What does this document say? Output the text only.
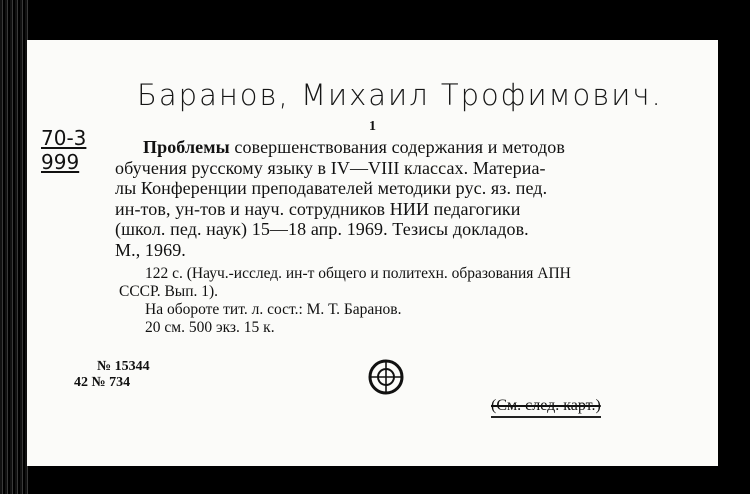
Баранов, Михаил Трофимович.
70-3
999
1

Проблемы совершенствования содержания и методов

обучения русскому языку в IV—VIII классах. Материа-

лы Конференции преподавателей методики рус. яз. пед.

ин-тов, ун-тов и науч. сотрудников НИИ педагогики

(школ. пед. наук) 15—18 апр. 1969. Тезисы докладов.

М., 1969.

122 с. (Науч.-исслед. ин-т общего и политехн. образования АПН

СССР. Вып. 1).

На обороте тит. л. сост.: М. Т. Баранов.

20 см. 500 экз. 15 к.

№ 15344
42 № 734
(См. след. карт.)
